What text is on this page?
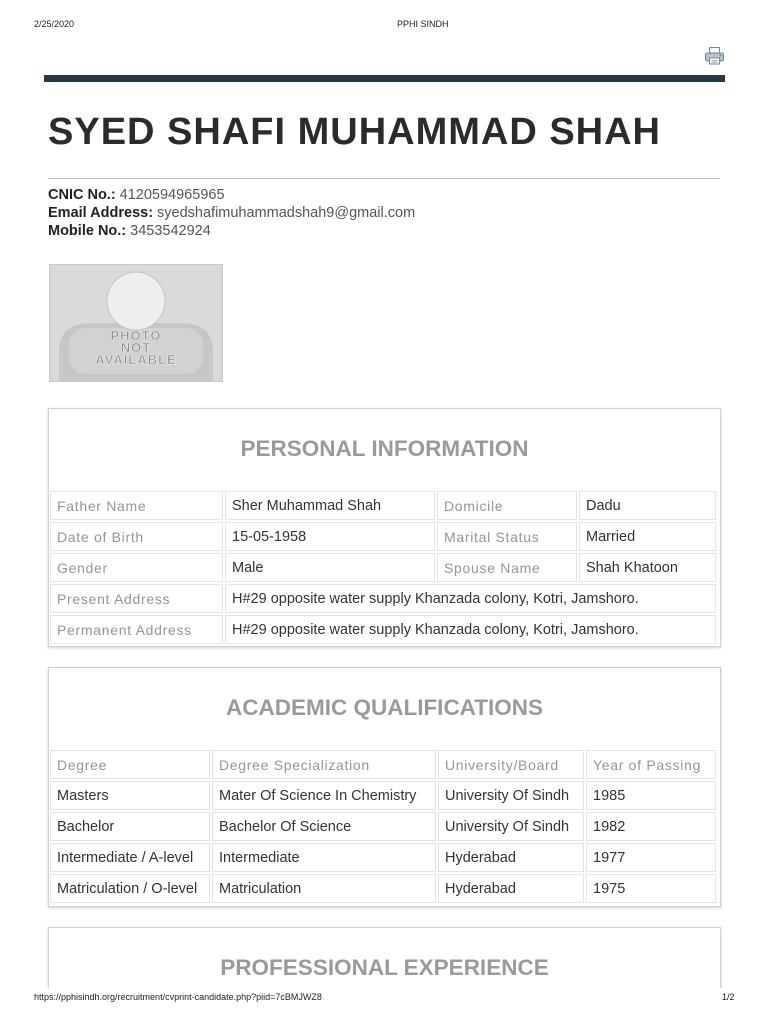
2/25/2020	PPHI SINDH
https://pphisindh.org/recruitment/cvprint-candidate.php?piid=7cBMJWZ8	1/2
SYED SHAFI MUHAMMAD SHAH
CNIC No.: 4120594965965
Email Address: syedshafimuhammadshah9@gmail.com
Mobile No.: 3453542924
PHOTO
NOT
AVAILABLE
PERSONAL INFORMATION
Father Name	Sher Muhammad Shah	Domicile	Dadu
Date of Birth	15-05-1958	Marital Status	Married
Gender	Male	Spouse Name	Shah Khatoon
Present Address	H#29 opposite water supply Khanzada colony, Kotri, Jamshoro.		
Permanent Address	H#29 opposite water supply Khanzada colony, Kotri, Jamshoro.		
ACADEMIC QUALIFICATIONS
Degree	Degree Specialization	University/Board	Year of Passing
Masters	Mater Of Science In Chemistry	University Of Sindh	1985
Bachelor	Bachelor Of Science	University Of Sindh	1982
Intermediate / A-level	Intermediate	Hyderabad	1977
Matriculation / O-level	Matriculation	Hyderabad	1975
PROFESSIONAL EXPERIENCE
